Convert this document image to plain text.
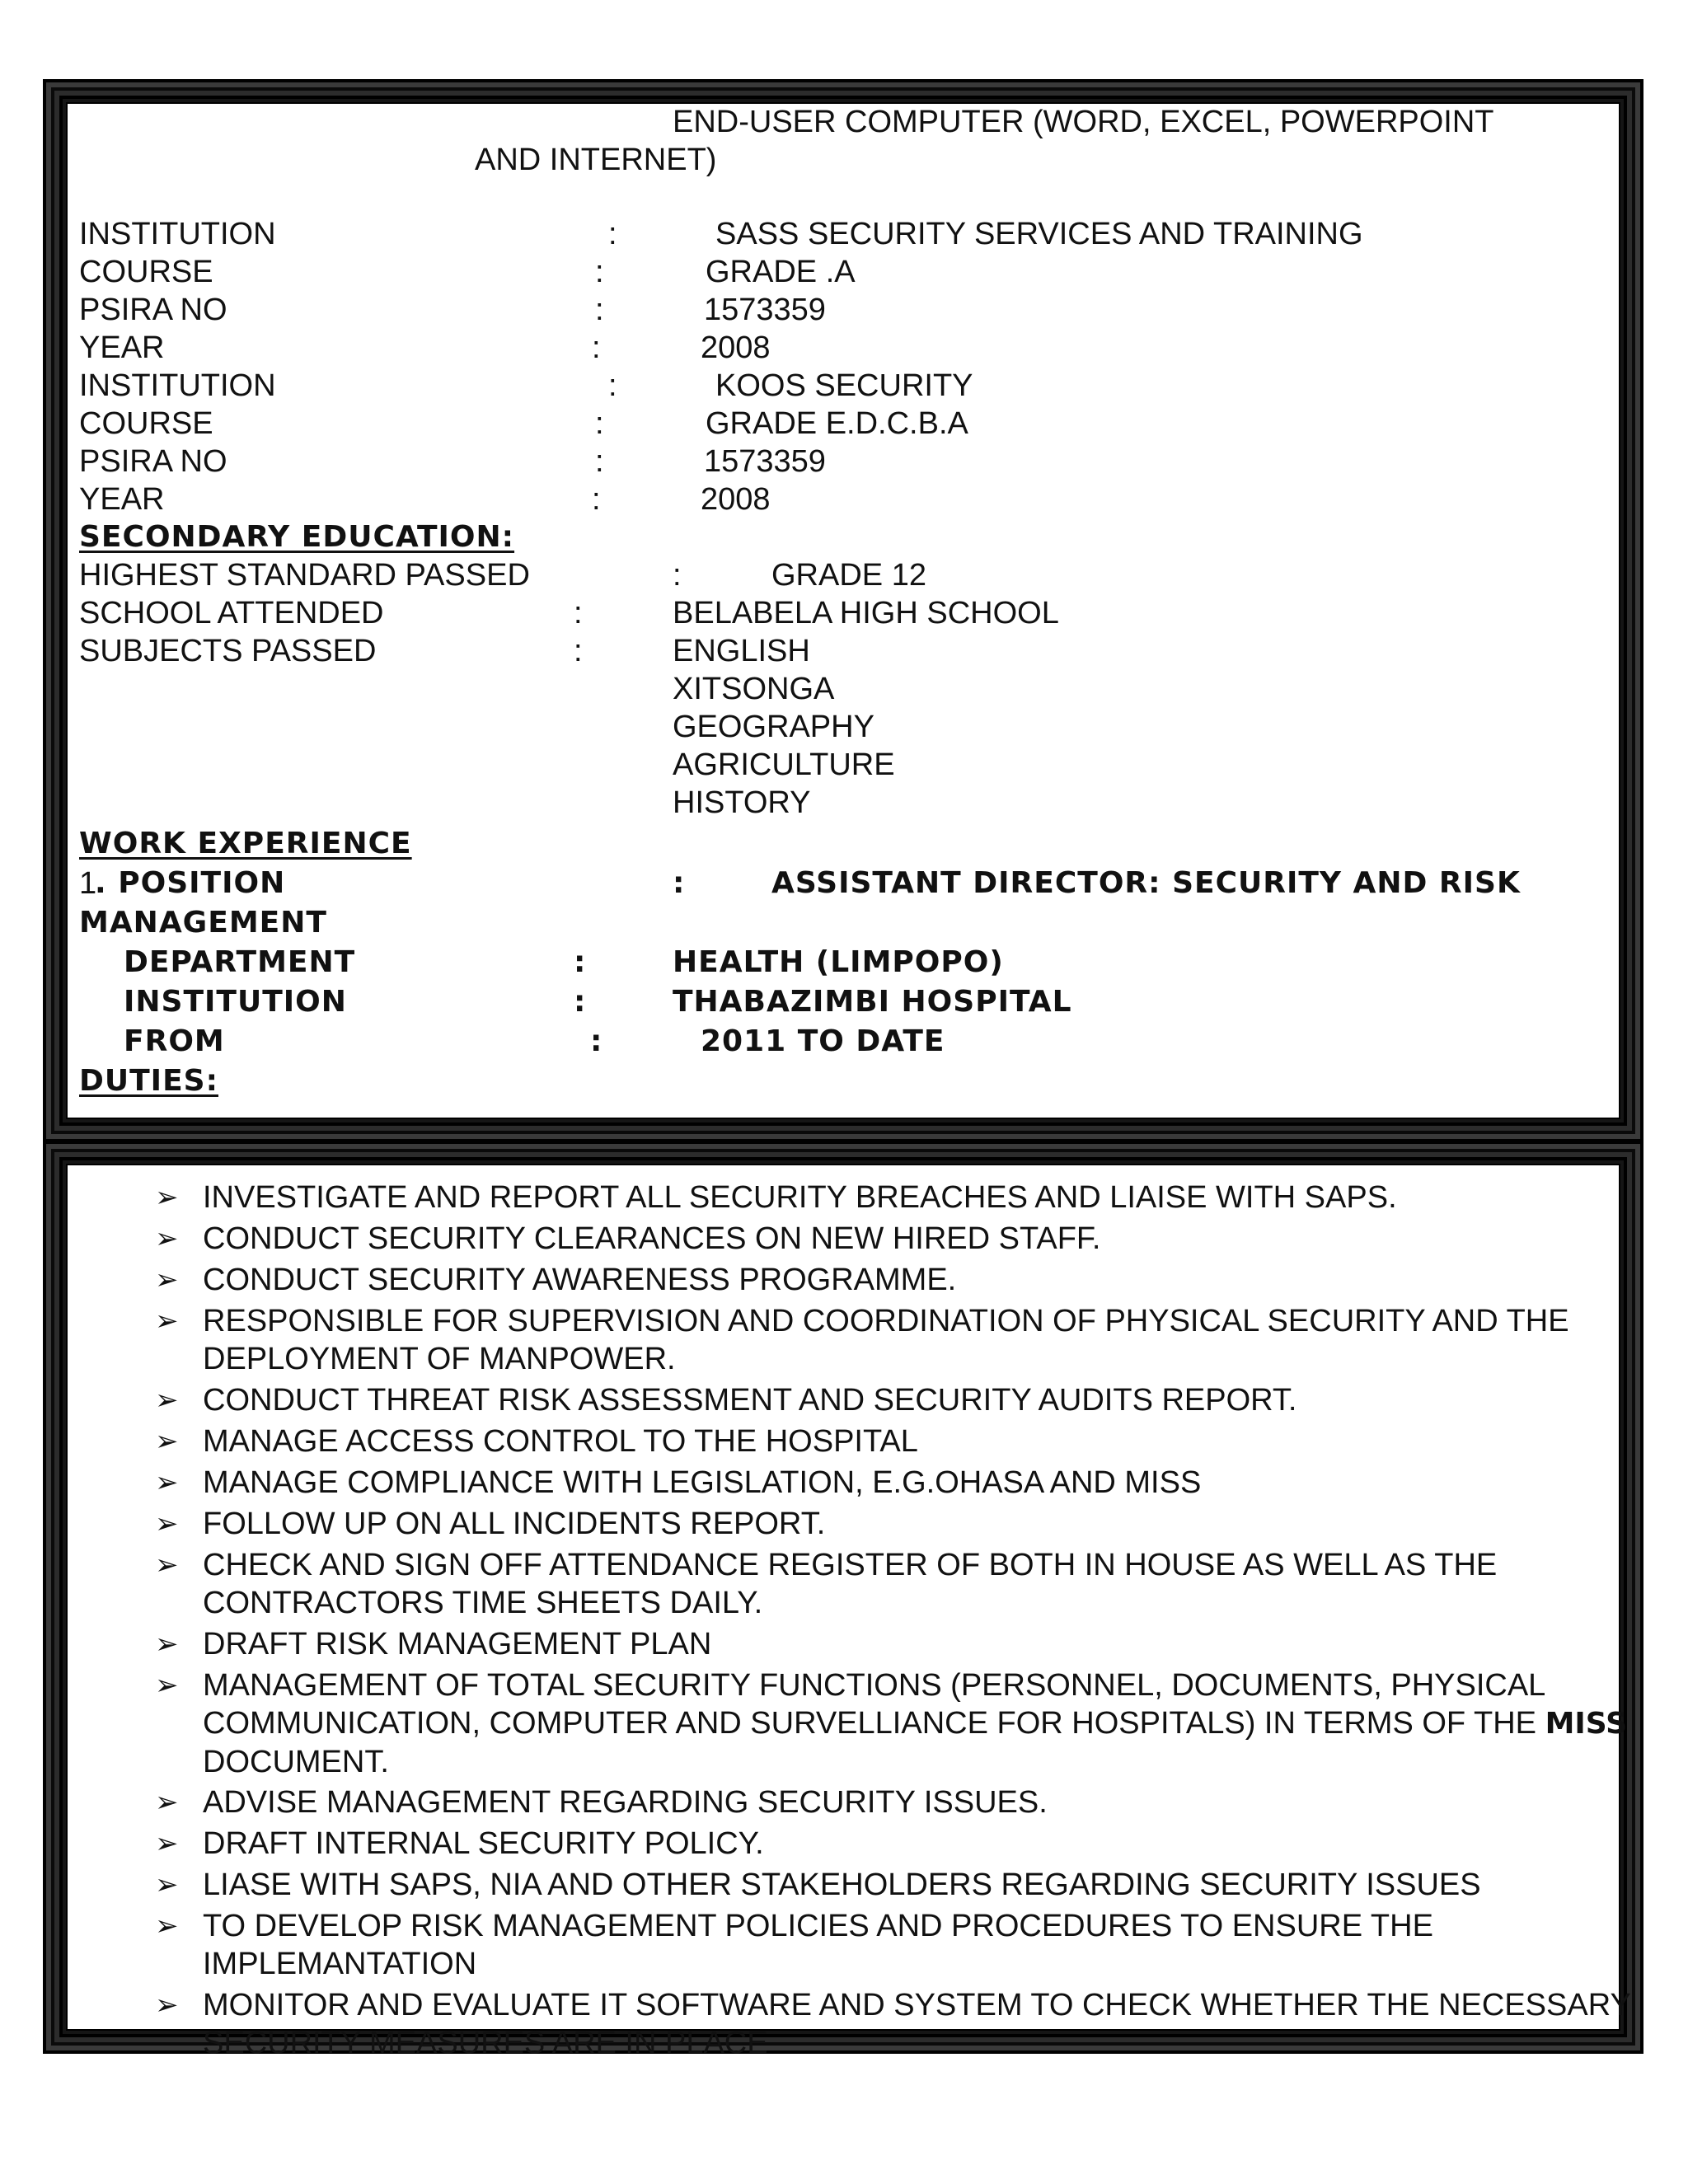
END-USER COMPUTER (WORD, EXCEL, POWERPOINT
AND INTERNET)
INSTITUTION	:	SASS SECURITY SERVICES AND TRAINING
COURSE	:	GRADE .A
PSIRA NO	:	1573359
YEAR	:	2008
INSTITUTION	:	KOOS SECURITY
COURSE	:	GRADE E.D.C.B.A
PSIRA NO	:	1573359
YEAR	:	2008
SECONDARY EDUCATION:
HIGHEST STANDARD PASSED	:	GRADE 12
SCHOOL ATTENDED	:	BELABELA HIGH SCHOOL
SUBJECTS PASSED	:	ENGLISH
XITSONGA
GEOGRAPHY
AGRICULTURE
HISTORY
WORK EXPERIENCE
1
. POSITION	:	ASSISTANT DIRECTOR: SECURITY AND RISK
MANAGEMENT
DEPARTMENT	:	HEALTH (LIMPOPO)
INSTITUTION	:	THABAZIMBI HOSPITAL
FROM	:	2011 TO DATE
DUTIES:
➢ INVESTIGATE AND REPORT ALL SECURITY BREACHES AND LIAISE WITH SAPS.
➢ CONDUCT SECURITY CLEARANCES ON NEW HIRED STAFF.
➢ CONDUCT SECURITY AWARENESS PROGRAMME.
➢ RESPONSIBLE FOR SUPERVISION AND COORDINATION OF PHYSICAL SECURITY AND THE DEPLOYMENT OF MANPOWER.
➢ CONDUCT THREAT RISK ASSESSMENT AND SECURITY AUDITS REPORT.
➢ MANAGE ACCESS CONTROL TO THE HOSPITAL
➢ MANAGE COMPLIANCE WITH LEGISLATION, E.G.OHASA AND MISS
➢ FOLLOW UP ON ALL INCIDENTS REPORT.
➢ CHECK AND SIGN OFF ATTENDANCE REGISTER OF BOTH IN HOUSE AS WELL AS THE CONTRACTORS TIME SHEETS DAILY.
➢ DRAFT RISK MANAGEMENT PLAN
➢ MANAGEMENT OF TOTAL SECURITY FUNCTIONS (PERSONNEL, DOCUMENTS, PHYSICAL COMMUNICATION, COMPUTER AND SURVELLIANCE FOR HOSPITALS) IN TERMS OF THE MISS DOCUMENT.
➢ ADVISE MANAGEMENT REGARDING SECURITY ISSUES.
➢ DRAFT INTERNAL SECURITY POLICY.
➢ LIASE WITH SAPS, NIA AND OTHER STAKEHOLDERS REGARDING SECURITY ISSUES
➢ TO DEVELOP RISK MANAGEMENT POLICIES AND PROCEDURES TO ENSURE THE IMPLEMANTATION
➢ MONITOR AND EVALUATE IT SOFTWARE AND SYSTEM TO CHECK WHETHER THE NECESSARY SECURITY MEASURES ARE IN PLACE
